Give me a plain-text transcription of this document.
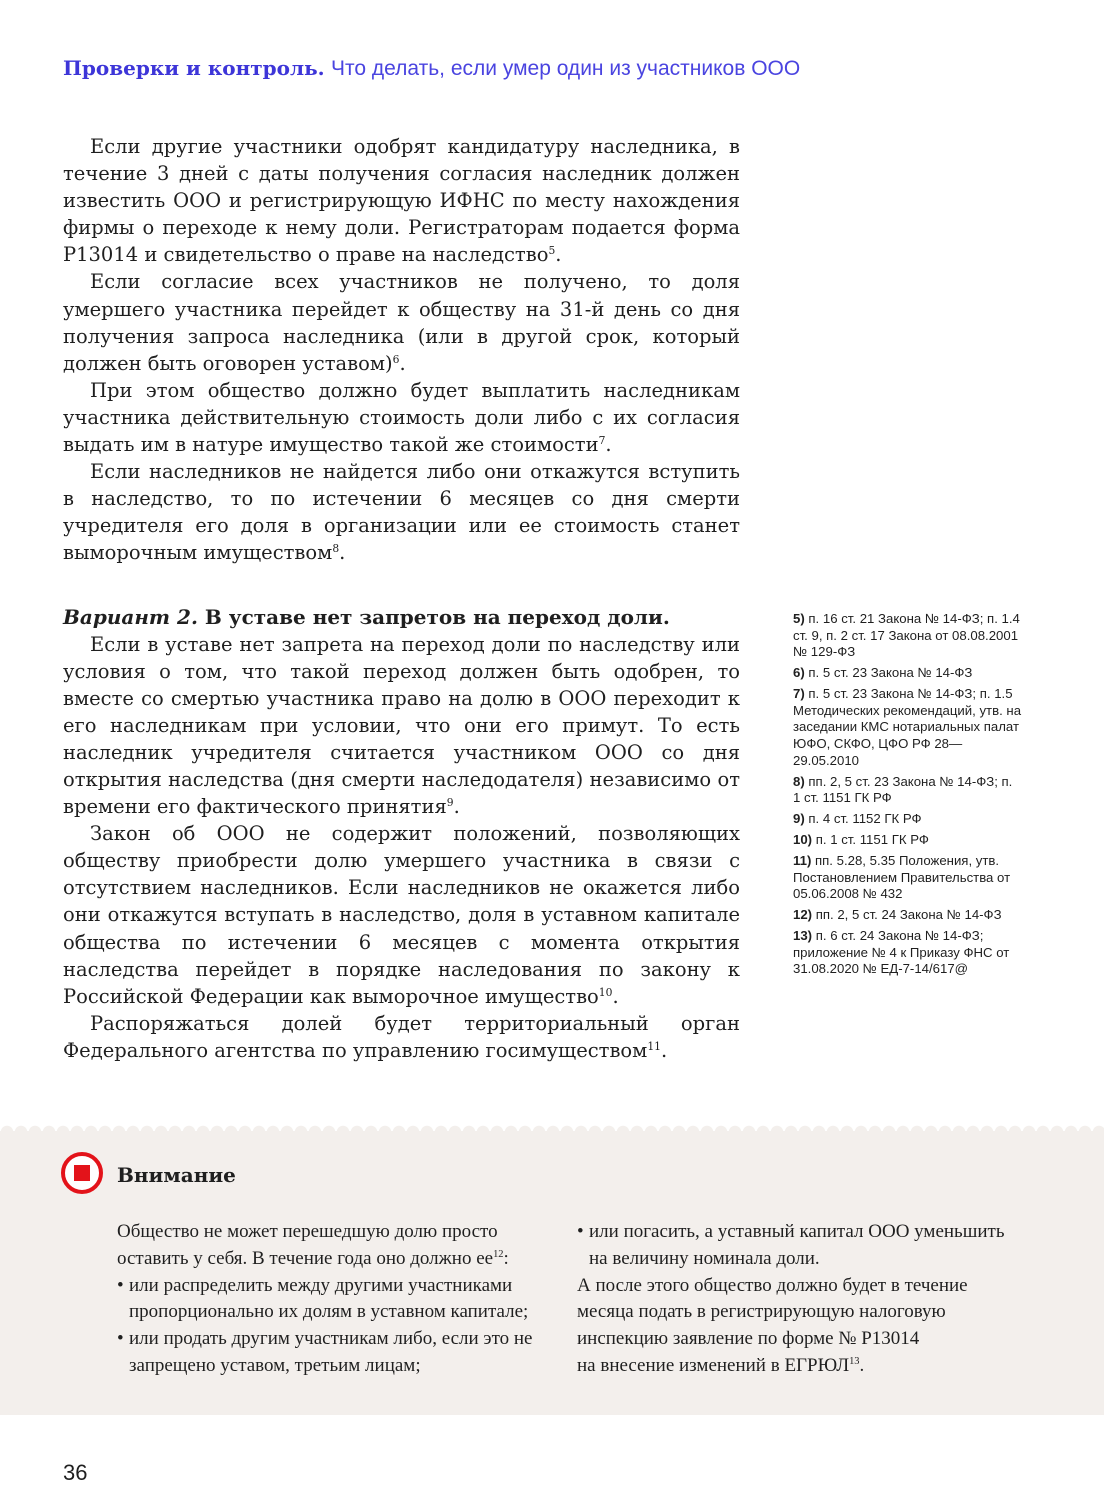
Проверки и контроль. Что делать, если умер один из участников ООО

Если другие участники одобрят кандидатуру наследника, в течение 3 дней с даты получения согласия наследник должен известить ООО и регистрирующую ИФНС по месту нахождения фирмы о переходе к нему доли. Регистраторам подается форма Р13014 и свидетельство о праве на наследство$^5$.

Если согласие всех участников не получено, то доля умершего участника перейдет к обществу на 31-й день со дня получения запроса наследника (или в другой срок, который должен быть оговорен уставом)$^6$.

При этом общество должно будет выплатить наследникам участника действительную стоимость доли либо с их согласия выдать им в натуре имущество такой же стоимости$^7$.

Если наследников не найдется либо они откажутся вступить в наследство, то по истечении 6 месяцев со дня смерти учредителя его доля в организации или ее стоимость станет выморочным имуществом$^8$.

Вариант 2. В уставе нет запретов на переход доли.

Если в уставе нет запрета на переход доли по наследству или условия о том, что такой переход должен быть одобрен, то вместе со смертью участника право на долю в ООО переходит к его наследникам при условии, что они его примут. То есть наследник учредителя считается участником ООО со дня открытия наследства (дня смерти наследодателя) независимо от времени его фактического принятия$^9$.

Закон об ООО не содержит положений, позволяющих обществу приобрести долю умершего участника в связи с отсутствием наследников. Если наследников не окажется либо они откажутся вступать в наследство, доля в уставном капитале общества по истечении 6 месяцев с момента открытия наследства перейдет в порядке наследования по закону к Российской Федерации как выморочное имущество$^{10}$.

Распоряжаться долей будет территориальный орган Федерального агентства по управлению госимуществом$^{11}$.

5) п. 16 ст. 21 Закона № 14-ФЗ; п. 1.4 ст. 9, п. 2 ст. 17 Закона от 08.08.2001 № 129-ФЗ
6) п. 5 ст. 23 Закона № 14-ФЗ
7) п. 5 ст. 23 Закона № 14-ФЗ; п. 1.5 Методических рекомендаций, утв. на заседании КМС нотариальных палат ЮФО, СКФО, ЦФО РФ 28—29.05.2010
8) пп. 2, 5 ст. 23 Закона № 14-ФЗ; п. 1 ст. 1151 ГК РФ
9) п. 4 ст. 1152 ГК РФ
10) п. 1 ст. 1151 ГК РФ
11) пп. 5.28, 5.35 Положения, утв. Постановлением Правительства от 05.06.2008 № 432
12) пп. 2, 5 ст. 24 Закона № 14-ФЗ
13) п. 6 ст. 24 Закона № 14-ФЗ; приложение № 4 к Приказу ФНС от 31.08.2020 № ЕД-7-14/617@
Внимание
Общество не может перешедшую долю просто
оставить у себя. В течение года оно должно $ее^{12}$:
• или распределить между другими участниками пропорционально их долям в уставном капитале;
• или продать другим участникам либо, если это не запрещено уставом, третьим лицам;
• или погасить, а уставный капитал ООО уменьшить на величину номинала доли.
А после этого общество должно будет в течение
месяца подать в регистрирующую налоговую
инспекцию заявление по форме № Р13014
на внесение изменений в ЕГРЮЛ$^{13}$.
36
